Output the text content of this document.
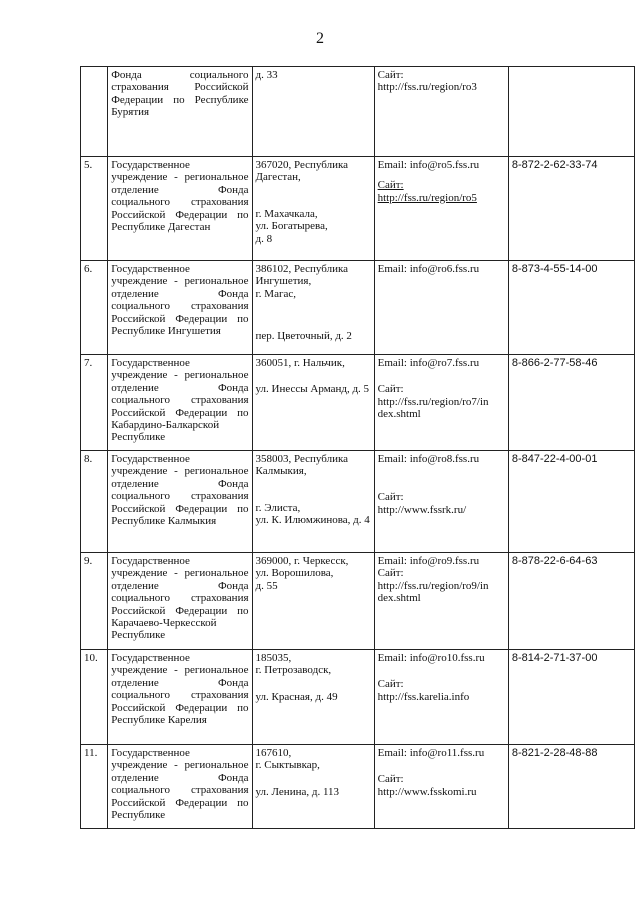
2
	Фонда социального страхования Российской Федерации по Республике Бурятия	д. 33	Сайт:
http://fss.ru/region/ro3	

5.	Государственное учреждение - региональное отделение Фонда социального страхования Российской Федерации по Республике Дагестан	367020, Республика Дагестан,
г. Махачкала,
ул. Богатырева,
д. 8	Email: info@ro5.fss.ru
Сайт:
http://fss.ru/region/ro5	8-872-2-62-33-74
6.	Государственное учреждение - региональное отделение Фонда социального страхования Российской Федерации по Республике Ингушетия	386102, Республика Ингушетия,
г. Магас,
пер. Цветочный, д. 2	Email: info@ro6.fss.ru	8-873-4-55-14-00
7.	Государственное учреждение - региональное отделение Фонда социального страхования Российской Федерации по Кабардино-Балкарской Республике	360051, г. Нальчик,
ул. Инессы Арманд, д. 5	Email: info@ro7.fss.ru
Сайт:
http://fss.ru/region/ro7/in
dex.shtml	8-866-2-77-58-46
8.	Государственное учреждение - региональное отделение Фонда социального страхования Российской Федерации по Республике Калмыкия	358003, Республика Калмыкия,
г. Элиста,
ул. К. Илюмжинова, д. 4	Email: info@ro8.fss.ru
Сайт:
http://www.fssrk.ru/	8-847-22-4-00-01
9.	Государственное учреждение - региональное отделение Фонда социального страхования Российской Федерации по Карачаево-Черкесской Республике	369000, г. Черкесск,
ул. Ворошилова,
д. 55	Email: info@ro9.fss.ru
Сайт:
http://fss.ru/region/ro9/in
dex.shtml	8-878-22-6-64-63
10.	Государственное учреждение - региональное отделение Фонда социального страхования Российской Федерации по Республике Карелия	185035,
г. Петрозаводск,
ул. Красная, д. 49	Email: info@ro10.fss.ru
Сайт:
http://fss.karelia.info	8-814-2-71-37-00
11.	Государственное учреждение - региональное отделение Фонда социального страхования Российской Федерации по Республике	167610,
г. Сыктывкар,
ул. Ленина, д. 113	Email: info@ro11.fss.ru
Сайт:
http://www.fsskomi.ru	8-821-2-28-48-88
